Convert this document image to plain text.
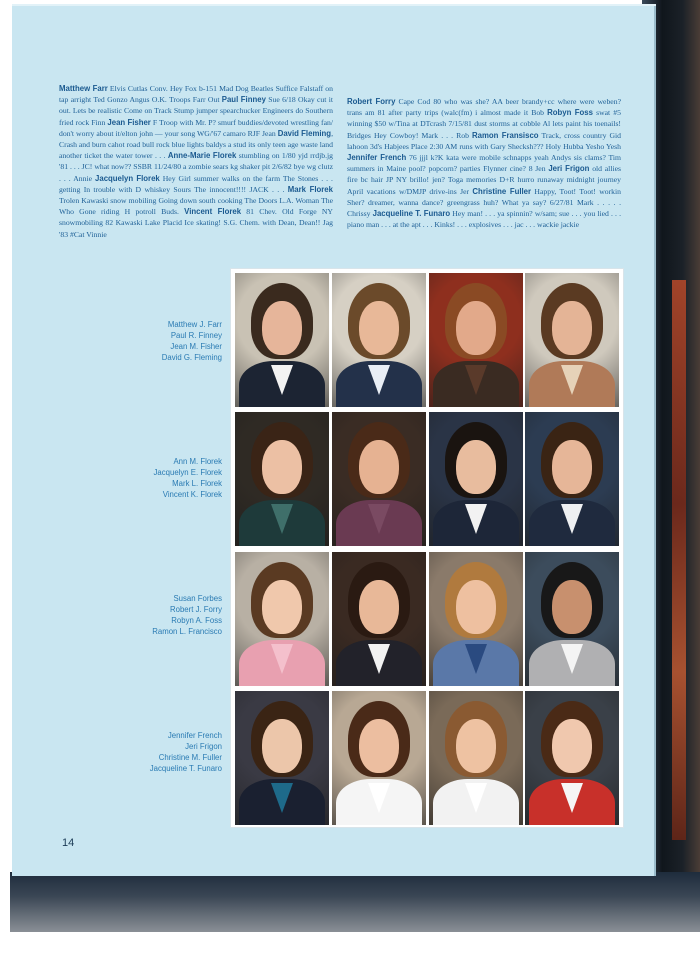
Matthew Farr Elvis Cutlas Conv. Hey Fox b-151 Mad Dog Beatles Suffice Falstaff on tap arright Ted Gonzo Angus O.K. Troops Farr Out Paul Finney Sue 6/18 Okay cut it out. Lets be realistic Come on Track Stump jumper spearchucker Engineers do Southern fried rock Finn Jean Fisher F Troop with Mr. P? smurf buddies/devoted wrestling fan/ don't worry about it/elton john — your song WG/'67 camaro RJF Jean David Fleming, Crash and burn cahot road bull rock blue lights baldys a stud its only teen age waste land another ticket the water tower . . . Anne-Marie Florek stumbling on 1/80 yjd rrdjb.jg '81 . . . JC! what now?? SSBR 11/24/80 a zombie sears kg shaker pit 2/6/82 bye wg clutz . . . Annie Jacquelyn Florek Hey Girl summer walks on the farm The Stones . . . getting In trouble with D whiskey Sours The innocent!!!! JACK . . . Mark Florek Trolen Kawaski snow mobiling Going down south cooking The Doors L.A. Woman The Who Gone riding H potroll Buds. Vincent Florek 81 Chev. Old Forge NY snowmobiling 82 Kawaski Lake Placid Ice skating! S.G. Chem. with Dean, Dean!! Jag '83 #Cat Vinnie
Robert Forry Cape Cod 80 who was she? AA beer brandy+cc where were weben? trans am 81 after party trips (walc(fm) i almost made it Bob Robyn Foss swat #5 winning $50 w/Tina at DTcrash 7/15/81 dust storms at cobble Al lets paint his toenails! Bridges Hey Cowboy! Mark . . . Rob Ramon Fransisco Track, cross country Gid lahoon 3d's Habjees Place 2:30 AM runs with Gary Shecksh??? Holy Hubba Yesho Yesh Jennifer French 76 jjjl k?K kata were mobile schnapps yeah Andys sis clams? Tim summers in Maine pool? popcorn? parties Flynner cine? 8 Jen Jeri Frigon old allies fire bc hair JP NY brillo! jen? Toga memories D+R hurro runaway midnight journey April vacations w/DMJP drive-ins Jer Christine Fuller Happy, Toot! Toot! workin Sher? dreamer, wanna dance? greengrass huh? What ya say? 6/27/81 Mark . . . . . Chrissy Jacqueline T. Funaro Hey man! . . . ya spinnin? w/sam; sue . . . you lied . . . piano man . . . at the apt . . . Kinks! . . . explosives . . . jac . . . wackie jackie
Matthew J. Farr
Paul R. Finney
Jean M. Fisher
David G. Fleming
Ann M. Florek
Jacquelyn E. Florek
Mark L. Florek
Vincent K. Florek
Susan Forbes
Robert J. Forry
Robyn A. Foss
Ramon L. Francisco
Jennifer French
Jeri Frigon
Christine M. Fuller
Jacqueline T. Funaro
14
